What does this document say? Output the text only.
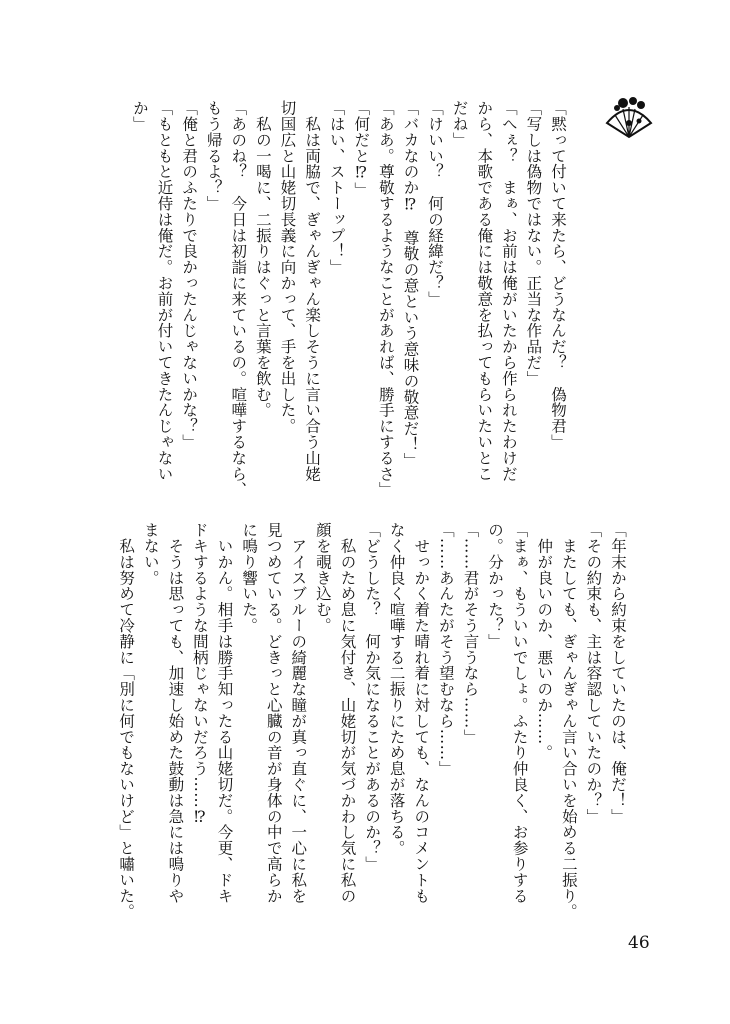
「黙って付いて来たら、どうなんだ？　偽物君」
「写しは偽物ではない。正当な作品だ」
「へぇ？　まぁ、お前は俺がいたから作られたわけだ
から、本歌である俺には敬意を払ってもらいたいとこ
だね」
「けいい？　何の経緯だ？」
「バカなのか⁉　尊敬の意という意味の敬意だ！」
「ああ。尊敬するようなことがあれば、勝手にするさ」
「何だと⁉」
「はい、ストーップ！」
　私は両脇で、ぎゃんぎゃん楽しそうに言い合う山姥
切国広と山姥切長義に向かって、手を出した。
　私の一喝に、二振りはぐっと言葉を飲む。
「あのね？　今日は初詣に来ているの。喧嘩するなら、
もう帰るよ？」
「俺と君のふたりで良かったんじゃないかな？」
「もともと近侍は俺だ。お前が付いてきたんじゃない
か」
「年末から約束をしていたのは、俺だ！」
「その約束も、主は容認していたのか？」
　またしても、ぎゃんぎゃん言い合いを始める二振り。
　仲が良いのか、悪いのか……。
「まぁ、もういいでしょ。ふたり仲良く、お参りする
の。分かった？」
「……君がそう言うなら……」
「……あんたがそう望むなら……」
　せっかく着た晴れ着に対しても、なんのコメントも
なく仲良く喧嘩する二振りにため息が落ちる。
「どうした？　何か気になることがあるのか？」
　私のため息に気付き、山姥切が気づかわし気に私の
顔を覗き込む。
　アイスブルーの綺麗な瞳が真っ直ぐに、一心に私を
見つめている。どきっと心臓の音が身体の中で高らか
に鳴り響いた。
　いかん。相手は勝手知ったる山姥切だ。今更、ドキ
ドキするような間柄じゃないだろう……⁉
　そうは思っても、加速し始めた鼓動は急には鳴りや
まない。
　私は努めて冷静に「別に何でもないけど」と嘯いた。
46
